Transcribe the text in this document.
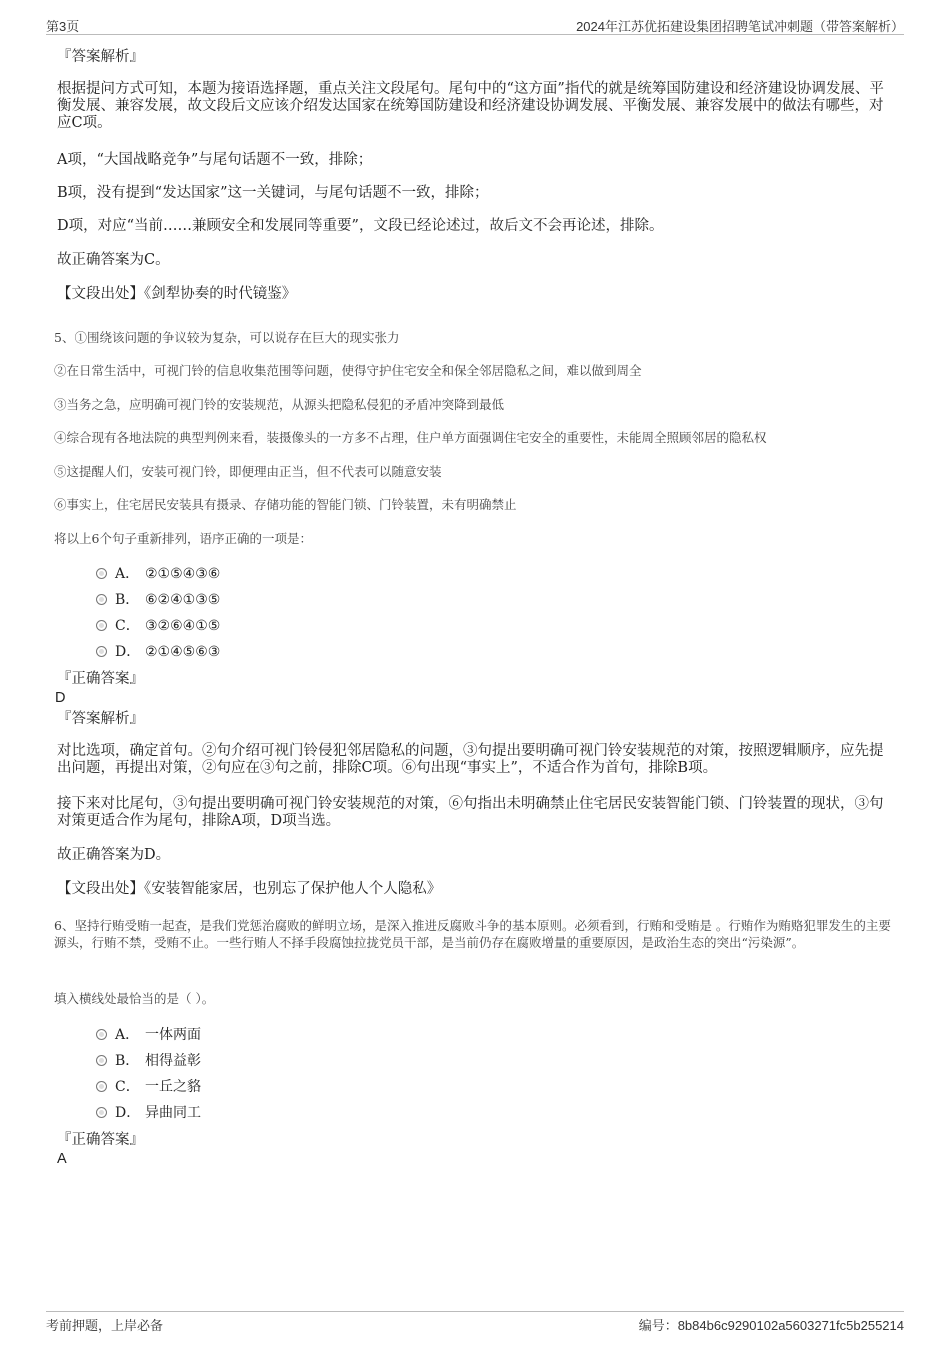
第3页	2024年江苏优拓建设集团招聘笔试冲刺题（带答案解析）
『答案解析』
根据提问方式可知，本题为接语选择题，重点关注文段尾句。尾句中的“这方面”指代的就是统筹国防建设和经济建设协调发展、平衡发展、兼容发展，故文段后文应该介绍发达国家在统筹国防建设和经济建设协调发展、平衡发展、兼容发展中的做法有哪些，对应C项。
A项，“大国战略竞争”与尾句话题不一致，排除；
B项，没有提到“发达国家”这一关键词，与尾句话题不一致，排除；
D项，对应“当前……兼顾安全和发展同等重要”，文段已经论述过，故后文不会再论述，排除。
故正确答案为C。
【文段出处】《剑犁协奏的时代镜鉴》
5、①围绕该问题的争议较为复杂，可以说存在巨大的现实张力
②在日常生活中，可视门铃的信息收集范围等问题，使得守护住宅安全和保全邻居隐私之间，难以做到周全
③当务之急，应明确可视门铃的安装规范，从源头把隐私侵犯的矛盾冲突降到最低
④综合现有各地法院的典型判例来看，装摄像头的一方多不占理，住户单方面强调住宅安全的重要性，未能周全照顾邻居的隐私权
⑤这提醒人们，安装可视门铃，即便理由正当，但不代表可以随意安装
⑥事实上，住宅居民安装具有摄录、存储功能的智能门锁、门铃装置，未有明确禁止
将以上6个句子重新排列，语序正确的一项是：
A． ②①⑤④③⑥
B． ⑥②④①③⑤
C． ③②⑥④①⑤
D． ②①④⑤⑥③
『正确答案』
D
『答案解析』
对比选项，确定首句。②句介绍可视门铃侵犯邻居隐私的问题，③句提出要明确可视门铃安装规范的对策，按照逻辑顺序，应先提出问题，再提出对策，②句应在③句之前，排除C项。⑥句出现“事实上”，不适合作为首句，排除B项。
接下来对比尾句，③句提出要明确可视门铃安装规范的对策，⑥句指出未明确禁止住宅居民安装智能门锁、门铃装置的现状，③句对策更适合作为尾句，排除A项，D项当选。
故正确答案为D。
【文段出处】《安装智能家居，也别忘了保护他人个人隐私》
6、坚持行贿受贿一起查，是我们党惩治腐败的鲜明立场，是深入推进反腐败斗争的基本原则。必须看到，行贿和受贿是 。行贿作为贿赂犯罪发生的主要源头，行贿不禁，受贿不止。一些行贿人不择手段腐蚀拉拢党员干部，是当前仍存在腐败增量的重要原因，是政治生态的突出“污染源”。
填入横线处最恰当的是（ ）。
A． 一体两面
B． 相得益彰
C． 一丘之貉
D． 异曲同工
『正确答案』
A
考前押题，上岸必备	编号：8b84b6c9290102a5603271fc5b255214
